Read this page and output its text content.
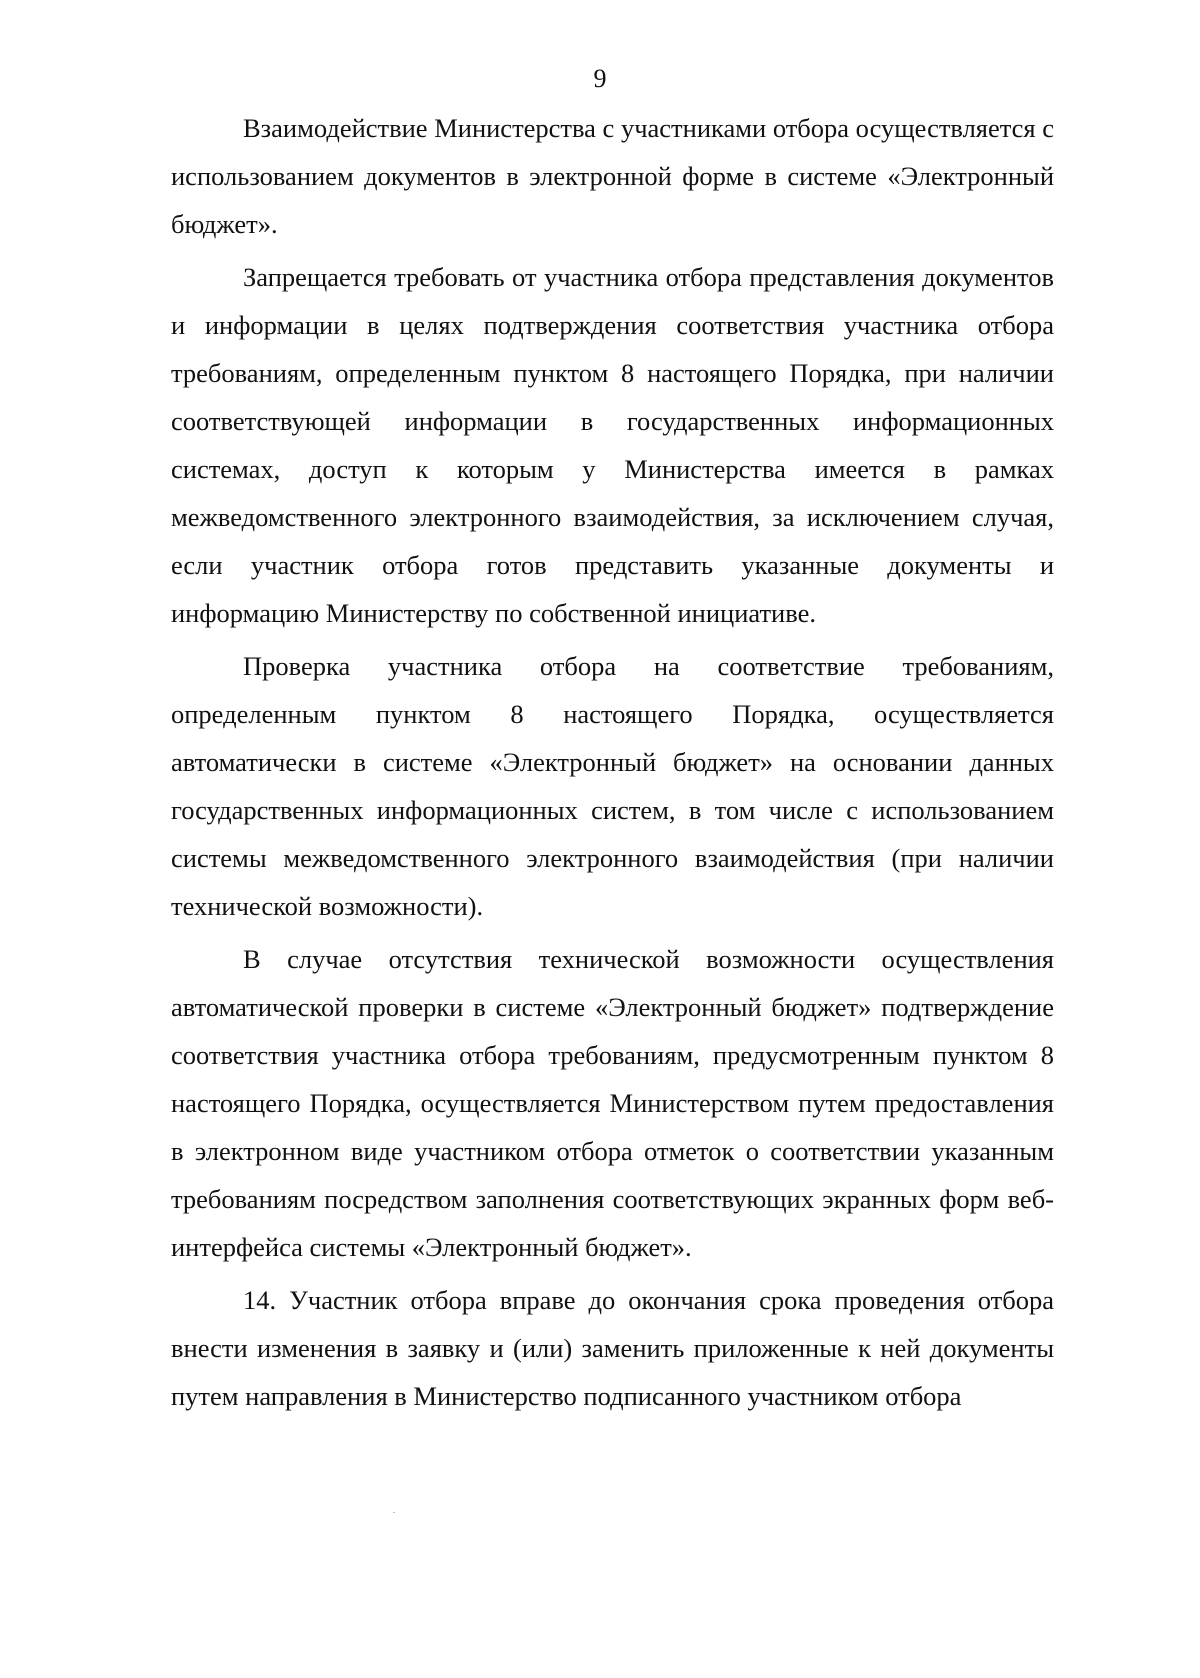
9

Взаимодействие Министерства с участниками отбора осуществляется с использованием документов в электронной форме в системе «Электронный бюджет».

Запрещается требовать от участника отбора представления документов и информации в целях подтверждения соответствия участника отбора требованиям, определенным пунктом 8 настоящего Порядка, при наличии соответствующей информации в государственных информационных системах, доступ к которым у Министерства имеется в рамках межведомственного электронного взаимодействия, за исключением случая, если участник отбора готов представить указанные документы и информацию Министерству по собственной инициативе.

Проверка участника отбора на соответствие требованиям, определенным пунктом 8 настоящего Порядка, осуществляется автоматически в системе «Электронный бюджет» на основании данных государственных информационных систем, в том числе с использованием системы межведомственного электронного взаимодействия (при наличии технической возможности).

В случае отсутствия технической возможности осуществления автоматической проверки в системе «Электронный бюджет» подтверждение соответствия участника отбора требованиям, предусмотренным пунктом 8 настоящего Порядка, осуществляется Министерством путем предоставления в электронном виде участником отбора отметок о соответствии указанным требованиям посредством заполнения соответствующих экранных форм веб-интерфейса системы «Электронный бюджет».

14. Участник отбора вправе до окончания срока проведения отбора внести изменения в заявку и (или) заменить приложенные к ней документы путем направления в Министерство подписанного участником отбора
